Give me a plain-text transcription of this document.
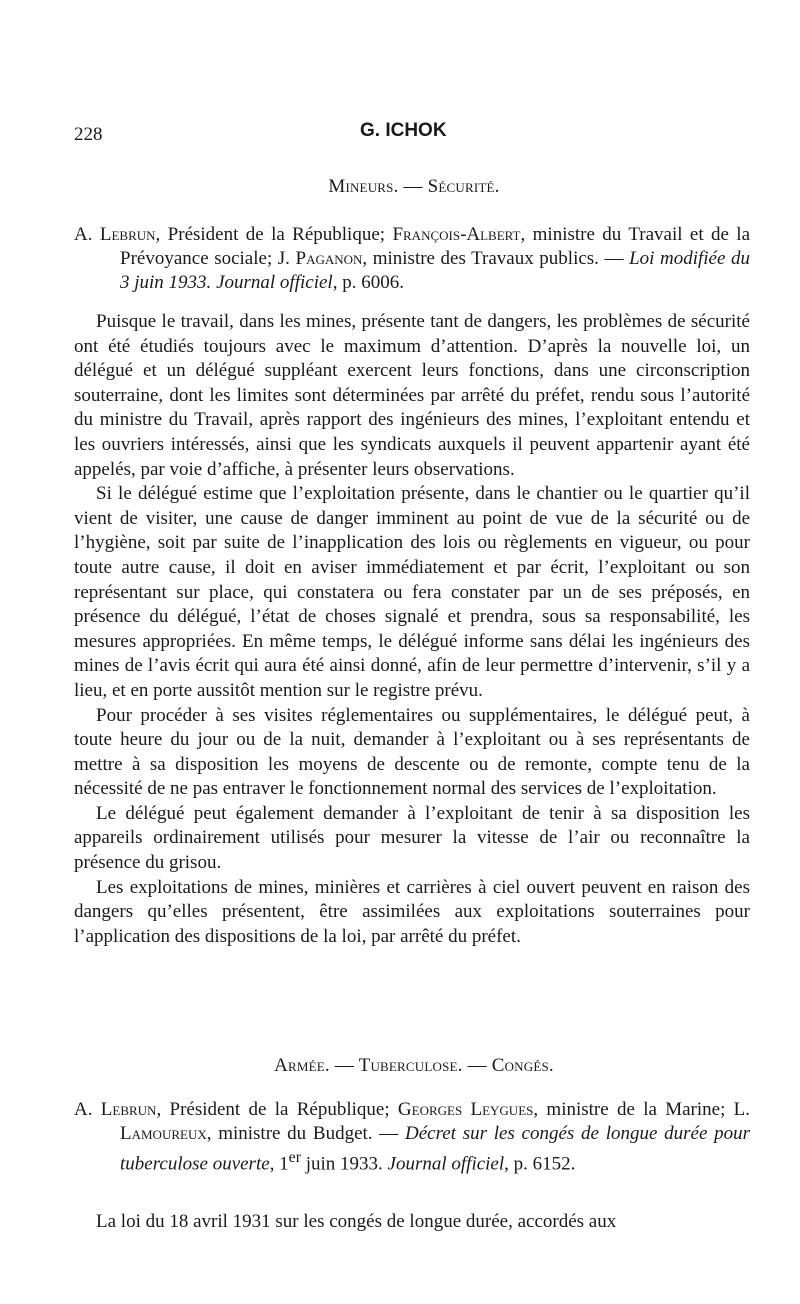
228	G. ICHOK
Mineurs. — Sécurité.
A. Lebrun, Président de la République; François-Albert, ministre du Travail et de la Prévoyance sociale; J. Paganon, ministre des Travaux publics. — Loi modifiée du 3 juin 1933. Journal officiel, p. 6006.

Puisque le travail, dans les mines, présente tant de dangers, les problèmes de sécurité ont été étudiés toujours avec le maximum d’attention. D’après la nouvelle loi, un délégué et un délégué suppléant exercent leurs fonctions, dans une circonscription souterraine, dont les limites sont déterminées par arrêté du préfet, rendu sous l’autorité du ministre du Travail, après rapport des ingénieurs des mines, l’exploitant entendu et les ouvriers intéressés, ainsi que les syndicats auxquels il peuvent appartenir ayant été appelés, par voie d’affiche, à présenter leurs observations.

Si le délégué estime que l’exploitation présente, dans le chantier ou le quartier qu’il vient de visiter, une cause de danger imminent au point de vue de la sécurité ou de l’hygiène, soit par suite de l’inapplication des lois ou règlements en vigueur, ou pour toute autre cause, il doit en aviser immédiatement et par écrit, l’exploitant ou son représentant sur place, qui constatera ou fera constater par un de ses préposés, en présence du délégué, l’état de choses signalé et prendra, sous sa responsabilité, les mesures appropriées. En même temps, le délégué informe sans délai les ingénieurs des mines de l’avis écrit qui aura été ainsi donné, afin de leur permettre d’intervenir, s’il y a lieu, et en porte aussitôt mention sur le registre prévu.

Pour procéder à ses visites réglementaires ou supplémentaires, le délégué peut, à toute heure du jour ou de la nuit, demander à l’exploitant ou à ses représentants de mettre à sa disposition les moyens de descente ou de remonte, compte tenu de la nécessité de ne pas entraver le fonctionnement normal des services de l’exploitation.

Le délégué peut également demander à l’exploitant de tenir à sa disposition les appareils ordinairement utilisés pour mesurer la vitesse de l’air ou reconnaître la présence du grisou.

Les exploitations de mines, minières et carrières à ciel ouvert peuvent en raison des dangers qu’elles présentent, être assimilées aux exploitations souterraines pour l’application des dispositions de la loi, par arrêté du préfet.

Armée. — Tuberculose. — Congés.
A. Lebrun, Président de la République; Georges Leygues, ministre de la Marine; L. Lamoureux, ministre du Budget. — Décret sur les congés de longue durée pour tuberculose ouverte, 1er juin 1933. Journal officiel, p. 6152.
La loi du 18 avril 1931 sur les congés de longue durée, accordés aux
